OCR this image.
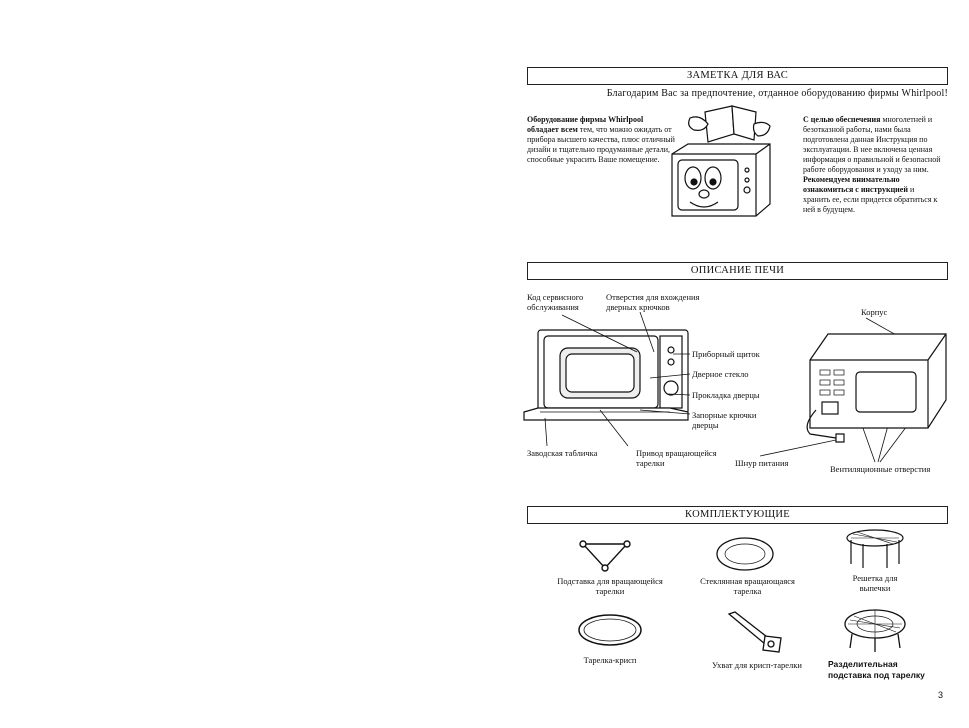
ЗАМЕТКА ДЛЯ ВАС
Благодарим Вас за предпочтение, отданное оборудованию фирмы Whirlpool!
Оборудование фирмы Whirlpool обладает всем тем, что можно ожидать от прибора высшего качества, плюс отличный дизайн и тщательно продуманные детали, способные украсить Ваше помещение.
С целью обеспечения многолетней и безотказной работы, нами была подготовлена данная Инструкция по эксплуатации. В нее включена ценная информация о правильной и безопасной работе оборудования и уходу за ним. Рекомендуем внимательно ознакомиться с инструкцией и хранить ее, если придется обратиться к ней в будущем.
ОПИСАНИЕ ПЕЧИ
Код сервисного обслуживания
Отверстия для вхождения дверных крючков	Корпус
Приборный щиток
Дверное стекло
Прокладка дверцы
Запорные крючки дверцы
Заводская табличка	Привод вращающейся тарелки	Шнур питания
Вентиляционные отверстия
КОМПЛЕКТУЮЩИЕ
Подставка для вращающейся тарелки
Стеклянная вращающаяся тарелка
Решетка для выпечки
Тарелка-крисп	Ухват для крисп-тарелки	Разделительная подставка под тарелку
3
